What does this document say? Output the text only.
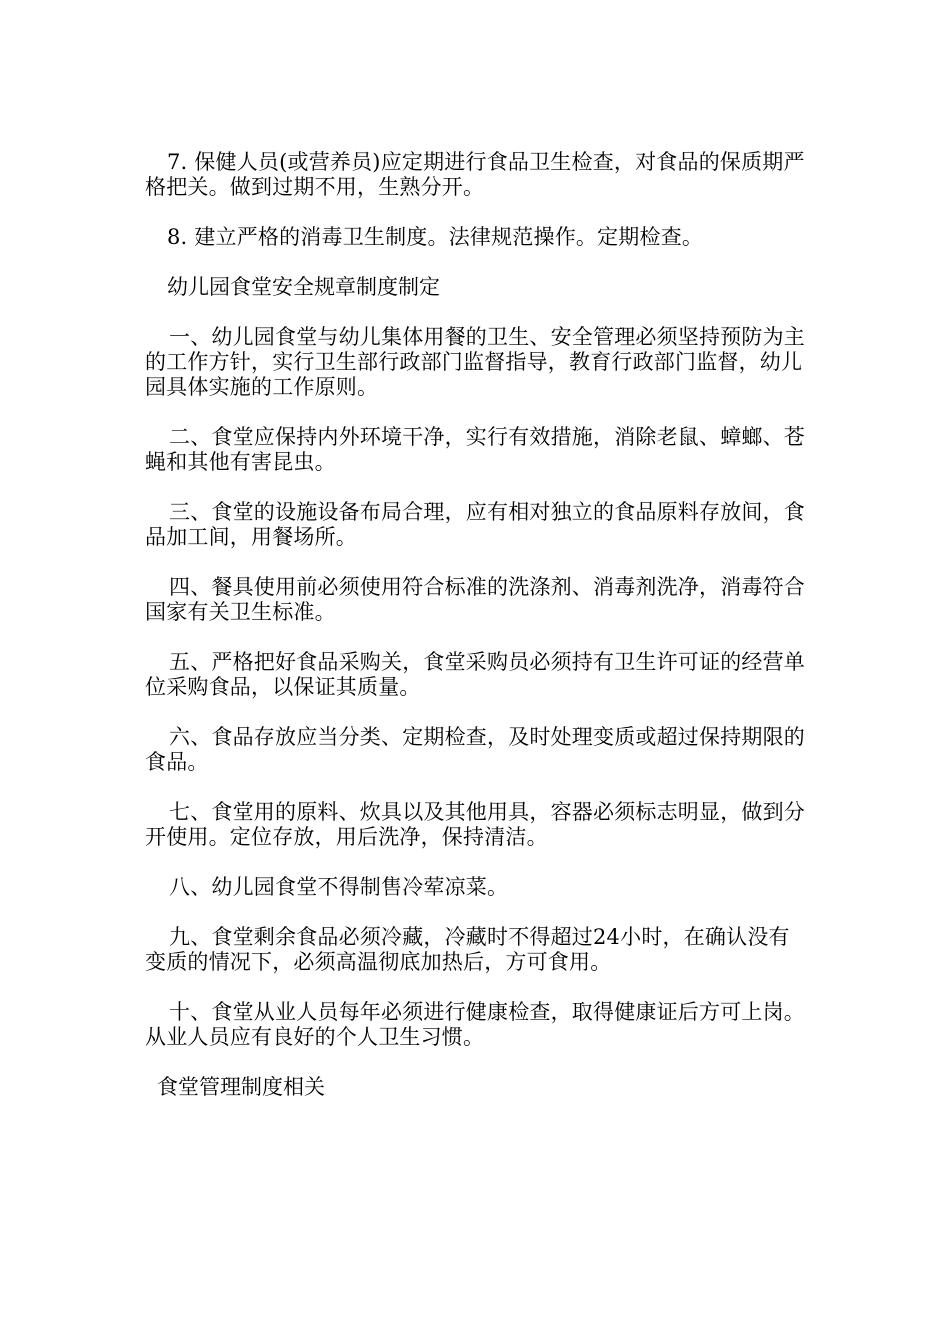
7. 保健人员(或营养员)应定期进行食品卫生检查，对食品的保质期严格把关。做到过期不用，生熟分开。

8. 建立严格的消毒卫生制度。法律规范操作。定期检查。

幼儿园食堂安全规章制度制定

一、幼儿园食堂与幼儿集体用餐的卫生、安全管理必须坚持预防为主的工作方针，实行卫生部行政部门监督指导，教育行政部门监督，幼儿园具体实施的工作原则。

二、食堂应保持内外环境干净，实行有效措施，消除老鼠、蟑螂、苍蝇和其他有害昆虫。

三、食堂的设施设备布局合理，应有相对独立的食品原料存放间，食品加工间，用餐场所。

四、餐具使用前必须使用符合标准的洗涤剂、消毒剂洗净，消毒符合国家有关卫生标准。

五、严格把好食品采购关，食堂采购员必须持有卫生许可证的经营单位采购食品，以保证其质量。

六、食品存放应当分类、定期检查，及时处理变质或超过保持期限的食品。

七、食堂用的原料、炊具以及其他用具，容器必须标志明显，做到分开使用。定位存放，用后洗净，保持清洁。

八、幼儿园食堂不得制售冷荤凉菜。

九、食堂剩余食品必须冷藏，冷藏时不得超过24小时，在确认没有变质的情况下，必须高温彻底加热后，方可食用。

十、食堂从业人员每年必须进行健康检查，取得健康证后方可上岗。从业人员应有良好的个人卫生习惯。

食堂管理制度相关
